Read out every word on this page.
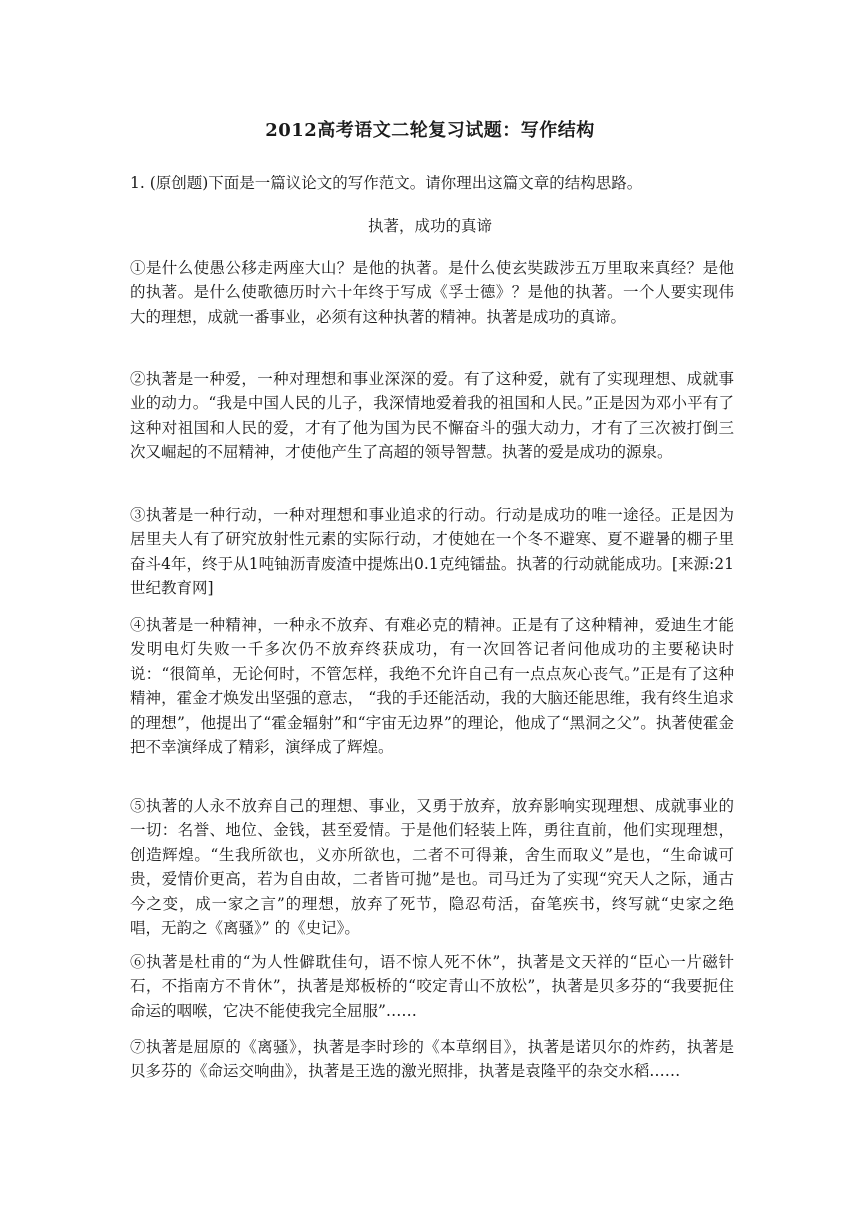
2012高考语文二轮复习试题：写作结构
1. (原创题)下面是一篇议论文的写作范文。请你理出这篇文章的结构思路。
执著，成功的真谛

①是什么使愚公移走两座大山？是他的执著。是什么使玄奘跋涉五万里取来真经？是他的执著。是什么使歌德历时六十年终于写成《孚士德》？是他的执著。一个人要实现伟大的理想，成就一番事业，必须有这种执著的精神。执著是成功的真谛。

②执著是一种爱，一种对理想和事业深深的爱。有了这种爱，就有了实现理想、成就事业的动力。“我是中国人民的儿子，我深情地爱着我的祖国和人民。”正是因为邓小平有了这种对祖国和人民的爱，才有了他为国为民不懈奋斗的强大动力，才有了三次被打倒三次又崛起的不屈精神，才使他产生了高超的领导智慧。执著的爱是成功的源泉。

③执著是一种行动，一种对理想和事业追求的行动。行动是成功的唯一途径。正是因为居里夫人有了研究放射性元素的实际行动，才使她在一个冬不避寒、夏不避暑的棚子里奋斗4年，终于从1吨铀沥青废渣中提炼出0.1克纯镭盐。执著的行动就能成功。[来源:21世纪教育网]

④执著是一种精神，一种永不放弃、有难必克的精神。正是有了这种精神，爱迪生才能发明电灯失败一千多次仍不放弃终获成功，有一次回答记者问他成功的主要秘诀时说：“很简单，无论何时，不管怎样，我绝不允许自己有一点点灰心丧气。”正是有了这种精神，霍金才焕发出坚强的意志， “我的手还能活动，我的大脑还能思维，我有终生追求的理想”，他提出了“霍金辐射”和“宇宙无边界”的理论，他成了“黑洞之父”。执著使霍金把不幸演绎成了精彩，演绎成了辉煌。

⑤执著的人永不放弃自己的理想、事业，又勇于放弃，放弃影响实现理想、成就事业的一切：名誉、地位、金钱，甚至爱情。于是他们轻装上阵，勇往直前，他们实现理想，创造辉煌。“生我所欲也，义亦所欲也，二者不可得兼，舍生而取义”是也，“生命诚可贵，爱情价更高，若为自由故，二者皆可抛”是也。司马迁为了实现“究天人之际，通古今之变，成一家之言”的理想，放弃了死节，隐忍苟活，奋笔疾书，终写就“史家之绝唱，无韵之《离骚》” 的《史记》。

⑥执著是杜甫的“为人性僻耽佳句，语不惊人死不休”，执著是文天祥的“臣心一片磁针石，不指南方不肯休”，执著是郑板桥的“咬定青山不放松”，执著是贝多芬的“我要扼住命运的咽喉，它决不能使我完全屈服”……

⑦执著是屈原的《离骚》，执著是李时珍的《本草纲目》，执著是诺贝尔的炸药，执著是贝多芬的《命运交响曲》，执著是王选的激光照排，执著是袁隆平的杂交水稻……
